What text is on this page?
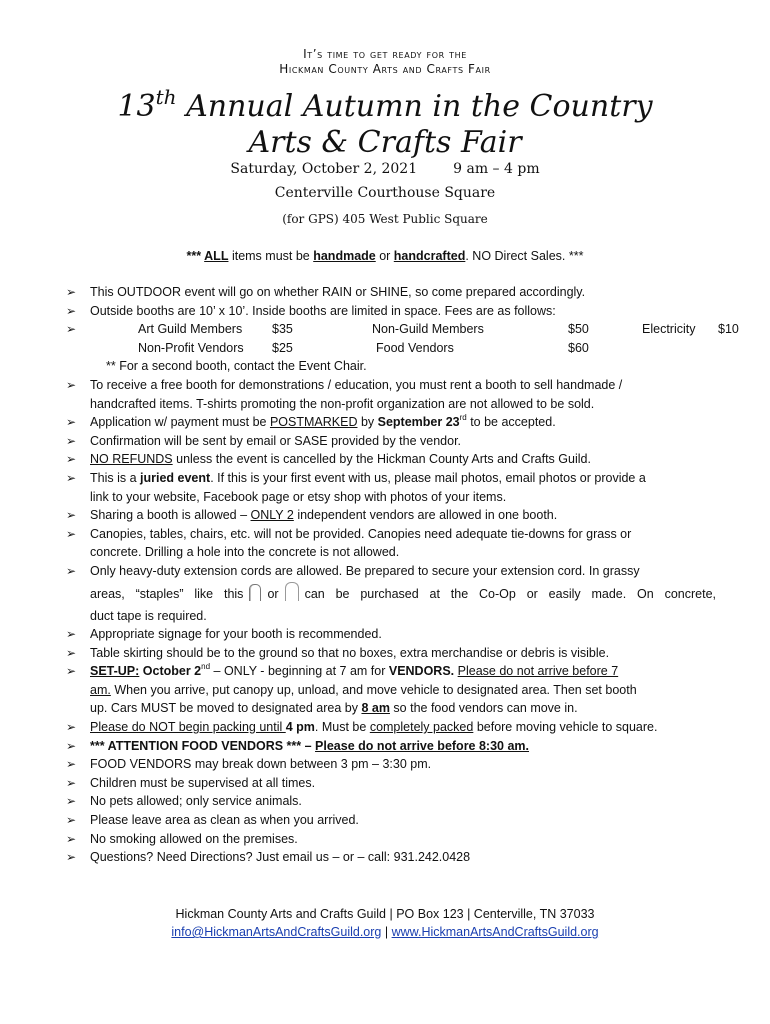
It’s time to get ready for the
Hickman County Arts and Crafts Fair
13th Annual Autumn in the Country
Arts & Crafts Fair
Saturday, October 2, 2021	9 am – 4 pm
Centerville Courthouse Square
(for GPS) 405 West Public Square
*** ALL items must be handmade or handcrafted. NO Direct Sales. ***
➢ This OUTDOOR event will go on whether RAIN or SHINE, so come prepared accordingly.
➢ Outside booths are 10’ x 10’. Inside booths are limited in space. Fees are as follows:
➢	Art Guild Members	$35	Non-Guild Members	$50	Electricity	$10
Non-Profit Vendors	$25	Food Vendors	$60
** For a second booth, contact the Event Chair.
➢ To receive a free booth for demonstrations / education, you must rent a booth to sell handmade /
handcrafted items. T-shirts promoting the non-profit organization are not allowed to be sold.
➢ Application w/ payment must be POSTMARKED by September 23rd to be accepted.
➢ Confirmation will be sent by email or SASE provided by the vendor.
➢ NO REFUNDS unless the event is cancelled by the Hickman County Arts and Crafts Guild.
➢ This is a juried event. If this is your first event with us, please mail photos, email photos or provide a
link to your website, Facebook page or etsy shop with photos of your items.
➢ Sharing a booth is allowed – ONLY 2 independent vendors are allowed in one booth.
➢ Canopies, tables, chairs, etc. will not be provided. Canopies need adequate tie-downs for grass or
concrete. Drilling a hole into the concrete is not allowed.
➢ Only heavy-duty extension cords are allowed. Be prepared to secure your extension cord. In grassy
areas, “staples” like this or can be purchased at the Co-Op or easily made. On concrete,
duct tape is required.
➢ Appropriate signage for your booth is recommended.
➢ Table skirting should be to the ground so that no boxes, extra merchandise or debris is visible.
➢ SET-UP: October 2nd – ONLY - beginning at 7 am for VENDORS. Please do not arrive before 7
am. When you arrive, put canopy up, unload, and move vehicle to designated area. Then set booth
up. Cars MUST be moved to designated area by 8 am so the food vendors can move in.
➢ Please do NOT begin packing until 4 pm. Must be completely packed before moving vehicle to square.
➢ *** ATTENTION FOOD VENDORS *** – Please do not arrive before 8:30 am.
➢ FOOD VENDORS may break down between 3 pm – 3:30 pm.
➢ Children must be supervised at all times.
➢ No pets allowed; only service animals.
➢ Please leave area as clean as when you arrived.
➢ No smoking allowed on the premises.
➢ Questions? Need Directions? Just email us – or – call: 931.242.0428
Hickman County Arts and Crafts Guild | PO Box 123 | Centerville, TN 37033
info@HickmanArtsAndCraftsGuild.org | www.HickmanArtsAndCraftsGuild.org
